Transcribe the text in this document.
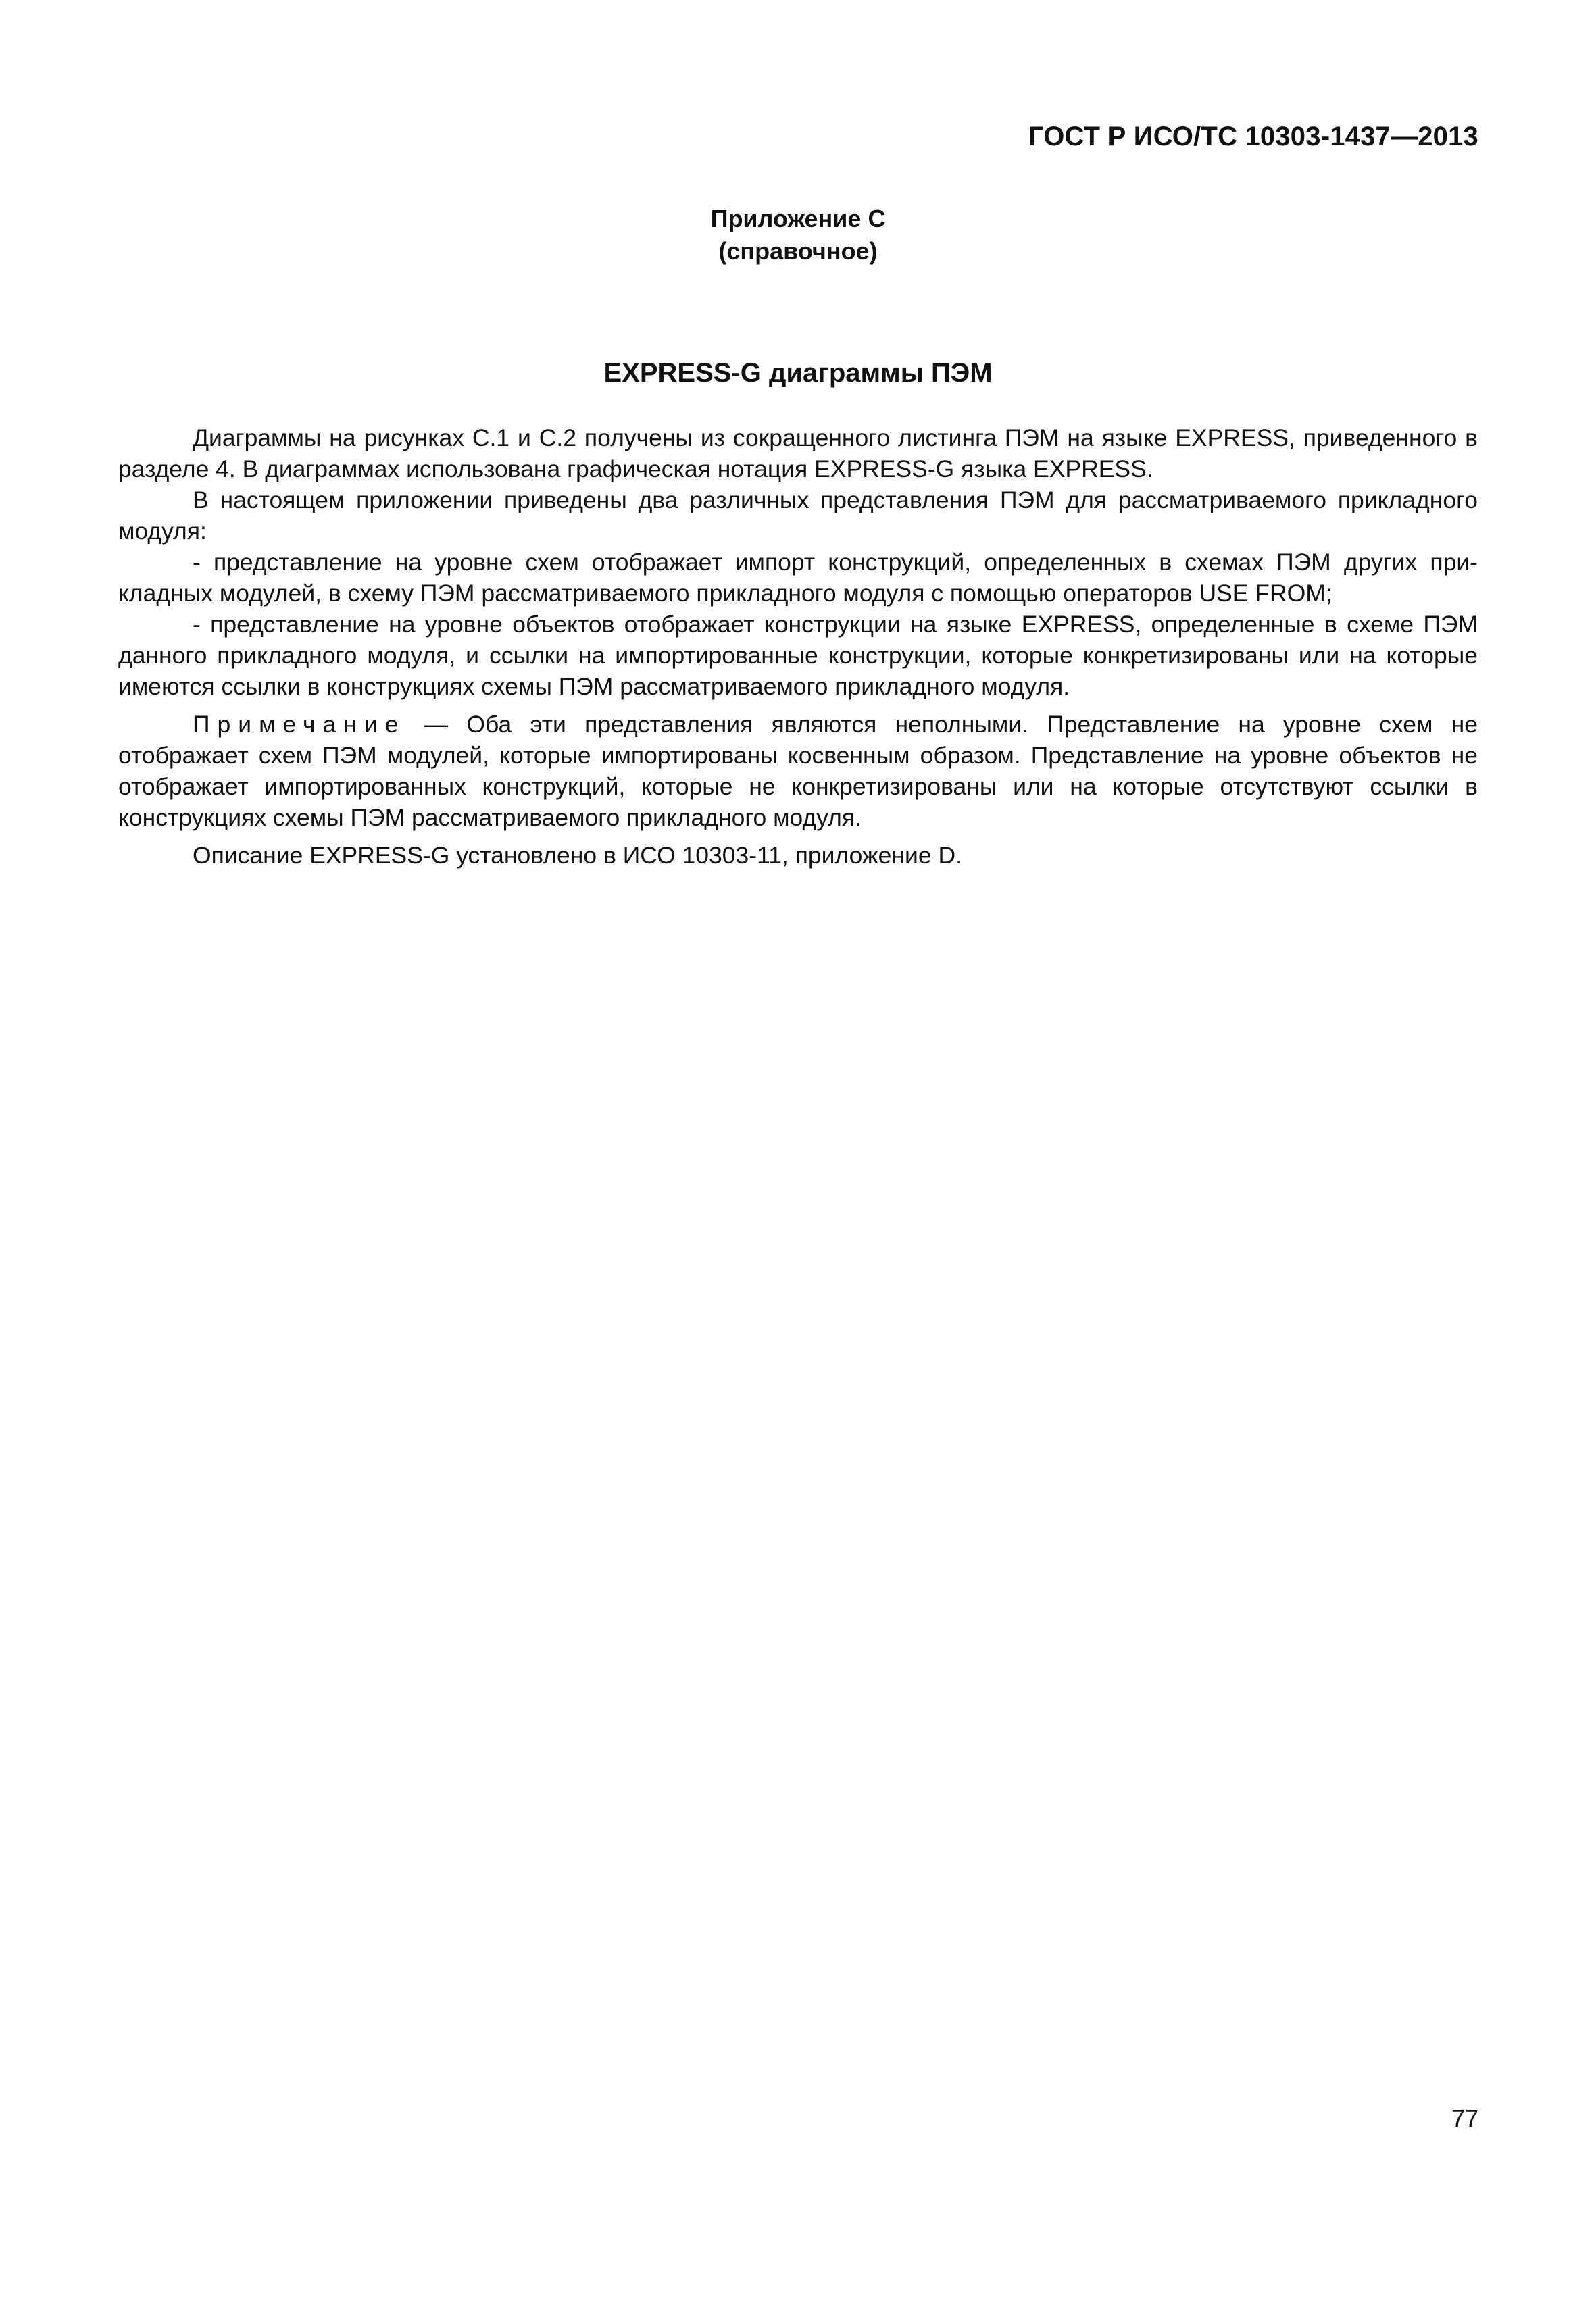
ГОСТ Р ИСО/ТС 10303-1437—2013
Приложение С
(справочное)
EXPRESS-G диаграммы ПЭМ

Диаграммы на рисунках С.1 и С.2 получены из сокращенного листинга ПЭМ на языке EXPRESS, приведенного в разделе 4. В диаграммах использована графическая нотация EXPRESS-G языка EXPRESS.

В настоящем приложении приведены два различных представления ПЭМ для рассматриваемого прикладного модуля:

- представление на уровне схем отображает импорт конструкций, определенных в схемах ПЭМ других прикладных модулей, в схему ПЭМ рассматриваемого прикладного модуля с помощью операторов USE FROM;

- представление на уровне объектов отображает конструкции на языке EXPRESS, определенные в схеме ПЭМ данного прикладного модуля, и ссылки на импортированные конструкции, которые конкретизированы или на которые имеются ссылки в конструкциях схемы ПЭМ рассматриваемого прикладного модуля.

Примечание — Оба эти представления являются неполными. Представление на уровне схем не отображает схем ПЭМ модулей, которые импортированы косвенным образом. Представление на уровне объектов не отображает импортированных конструкций, которые не конкретизированы или на которые отсутствуют ссылки в конструкциях схемы ПЭМ рассматриваемого прикладного модуля.

Описание EXPRESS-G установлено в ИСО 10303-11, приложение D.

77
